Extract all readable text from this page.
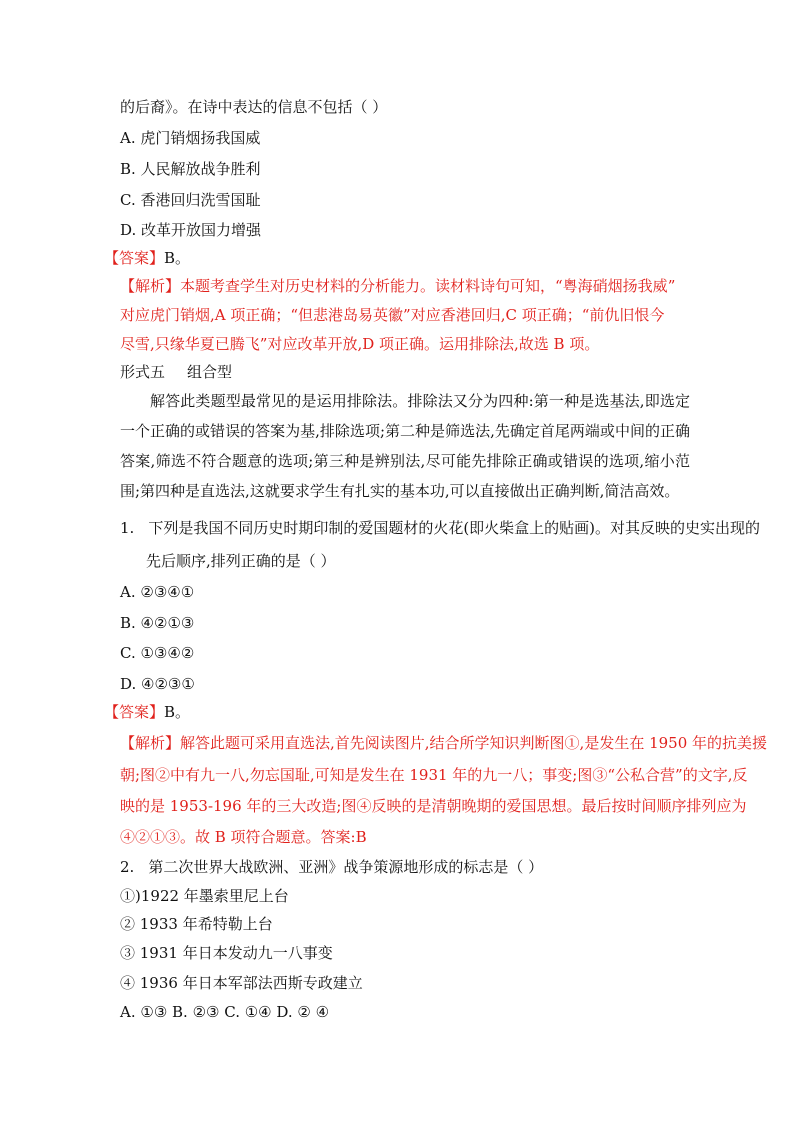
的后裔》。在诗中表达的信息不包括（ ）
A. 虎门销烟扬我国威
B. 人民解放战争胜利
C. 香港回归洗雪国耻
D. 改革开放国力增强
【答案】B。
【解析】本题考查学生对历史材料的分析能力。读材料诗句可知，“粤海硝烟扬我威”
对应虎门销烟,A 项正确；“但悲港岛易英徽”对应香港回归,C 项正确；“前仇旧恨今
尽雪,只缘华夏已腾飞”对应改革开放,D 项正确。运用排除法,故选 B 项。
形式五 组合型
解答此类题型最常见的是运用排除法。排除法又分为四种:第一种是选基法,即选定一个正确的或错误的答案为基,排除选项;第二种是筛选法,先确定首尾两端或中间的正确答案,筛选不符合题意的选项;第三种是辨别法,尽可能先排除正确或错误的选项,缩小范围;第四种是直选法,这就要求学生有扎实的基本功,可以直接做出正确判断,简洁高效。
1. 下列是我国不同历史时期印制的爱国题材的火花(即火柴盒上的贴画)。对其反映的史实出现的
先后顺序,排列正确的是（ ）
A. ②③④①
B. ④②①③
C. ①③④②
D. ④②③①
【答案】B。
【解析】解答此题可采用直选法,首先阅读图片,结合所学知识判断图①,是发生在 1950 年的抗美援
朝;图②中有九一八,勿忘国耻,可知是发生在 1931 年的九一八；事变;图③“公私合营”的文字,反
映的是 1953-196 年的三大改造;图④反映的是清朝晚期的爱国思想。最后按时间顺序排列应为
④②①③。故 B 项符合题意。答案:B
2. 第二次世界大战欧洲、亚洲》战争策源地形成的标志是（ ）
①)1922 年墨索里尼上台
② 1933 年希特勒上台
③ 1931 年日本发动九一八事变
④ 1936 年日本军部法西斯专政建立
A. ①③ B. ②③ C. ①④ D. ② ④
